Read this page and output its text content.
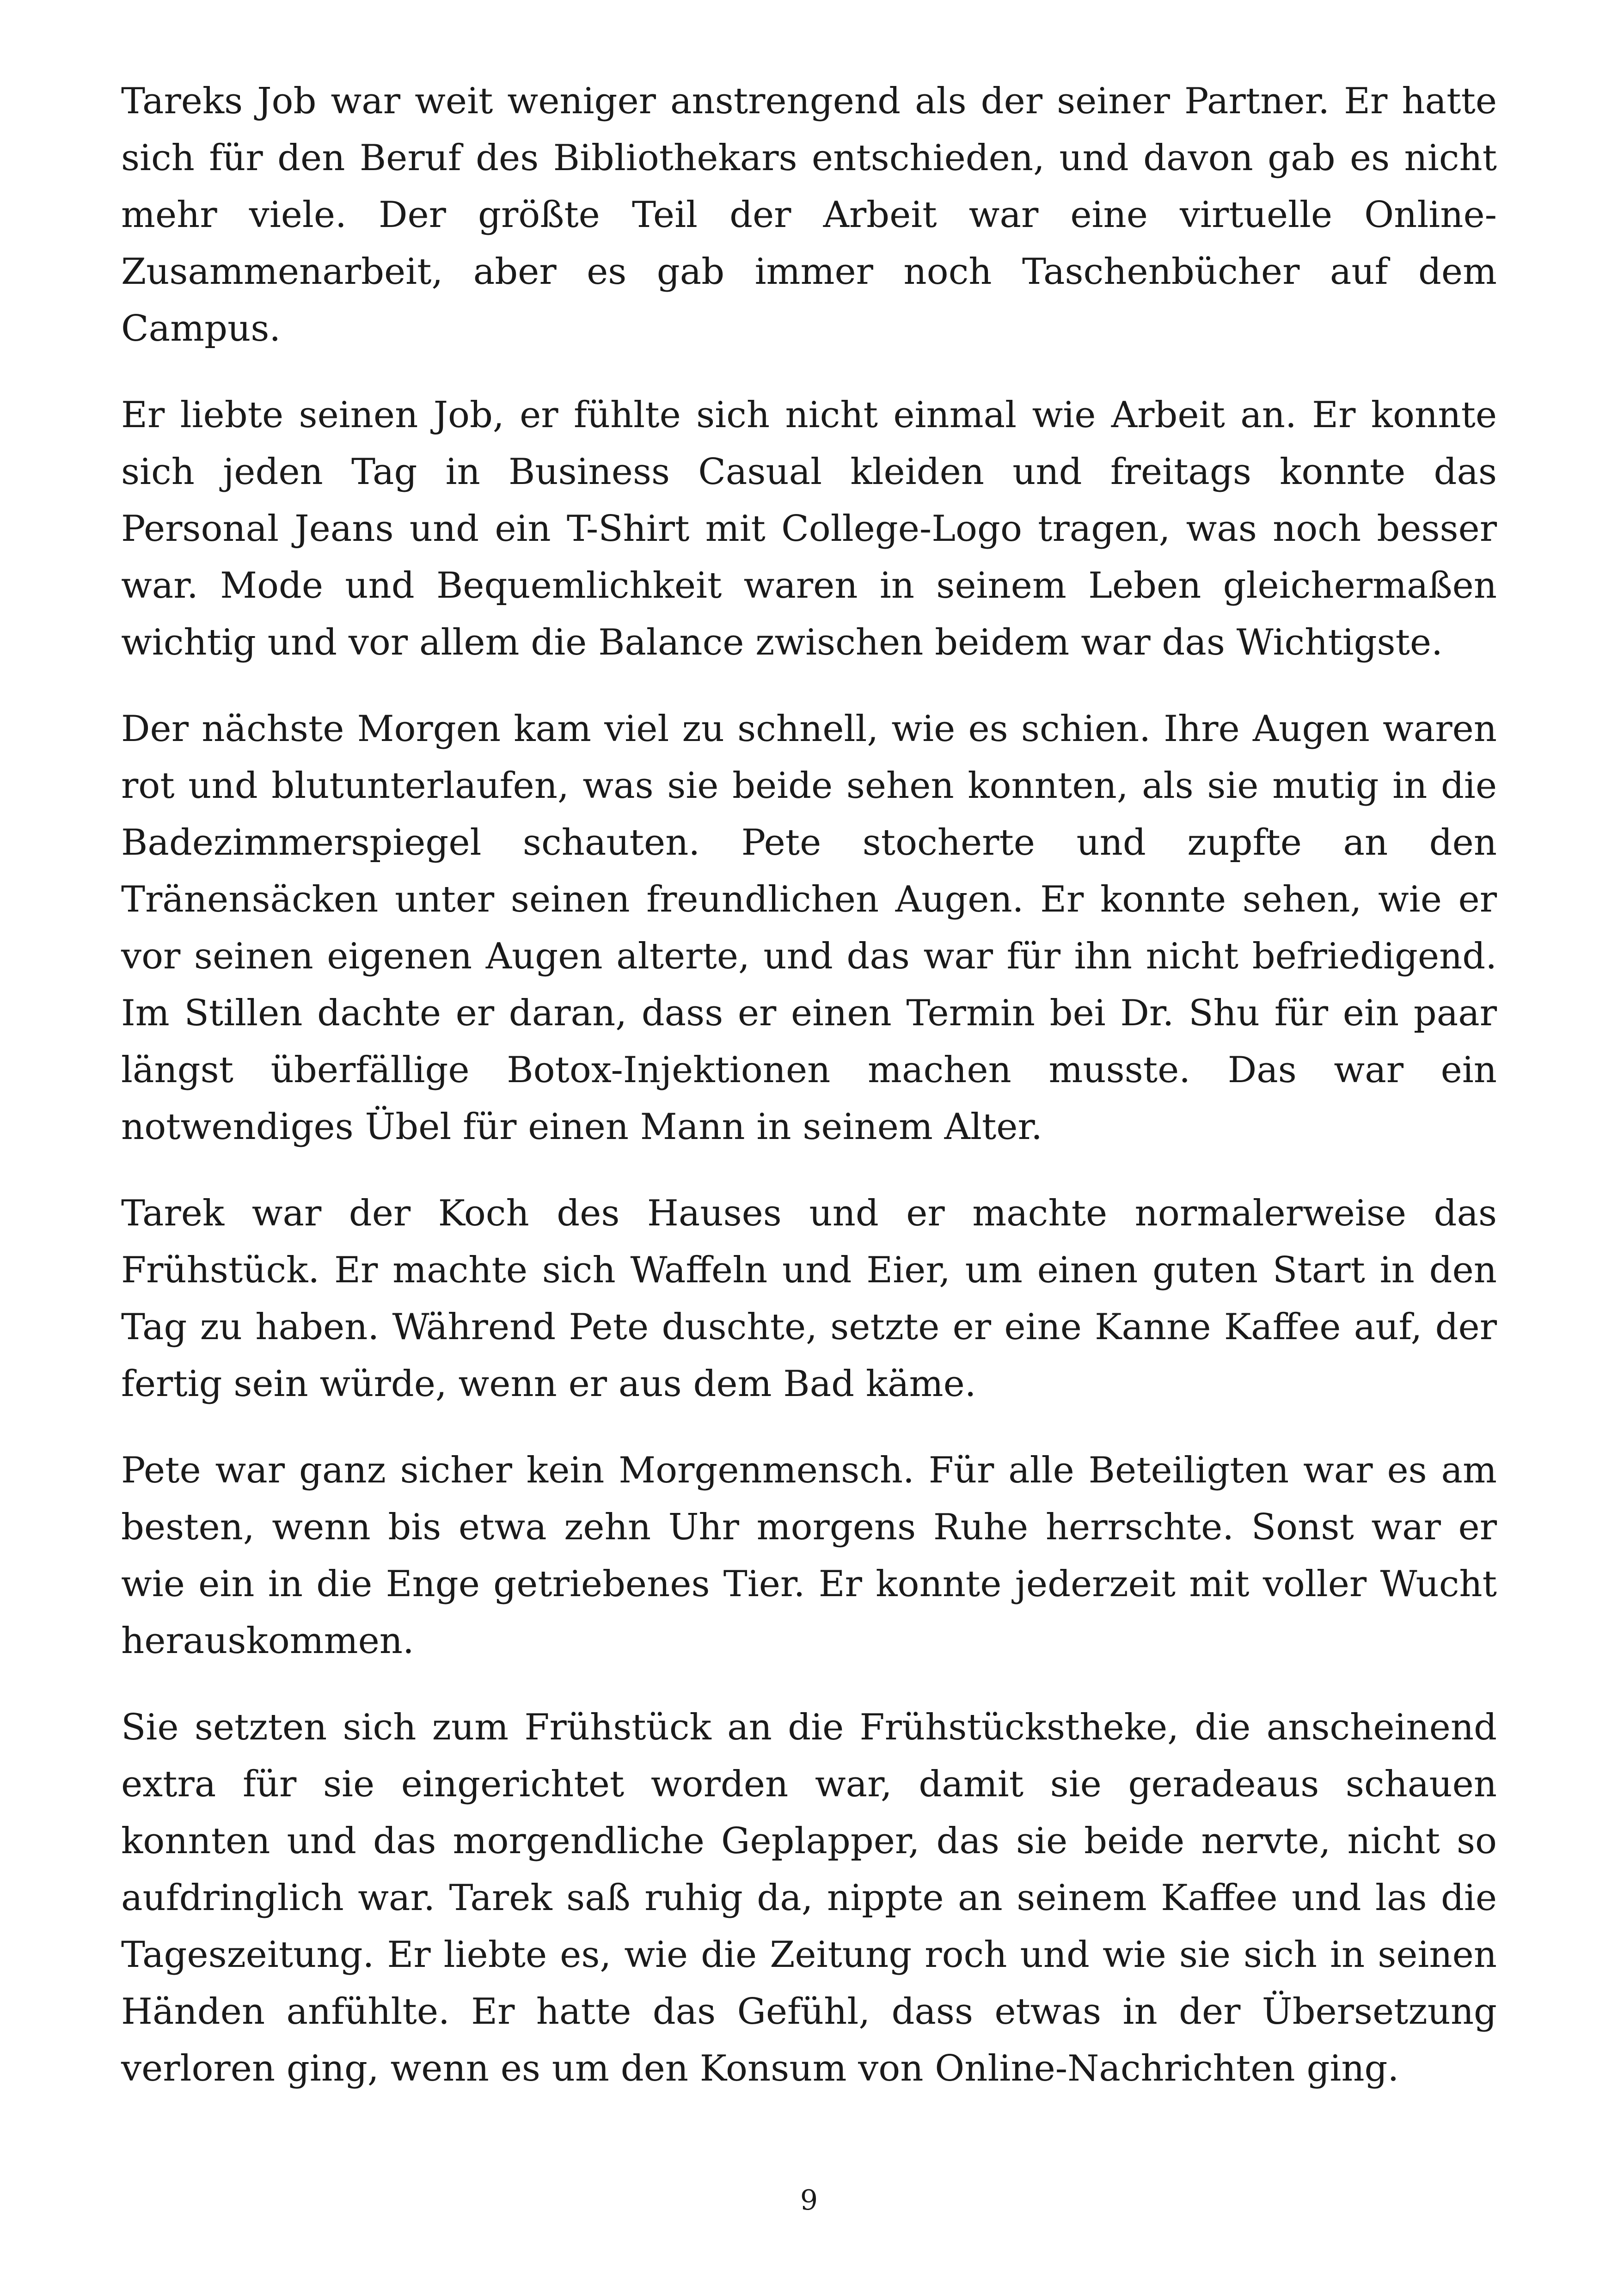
Tareks Job war weit weniger anstrengend als der seiner Partner. Er hatte sich für den Beruf des Bibliothekars entschieden, und davon gab es nicht mehr viele. Der größte Teil der Arbeit war eine virtuelle Online-Zusammenarbeit, aber es gab immer noch Taschenbücher auf dem Campus.

Er liebte seinen Job, er fühlte sich nicht einmal wie Arbeit an. Er konnte sich jeden Tag in Business Casual kleiden und freitags konnte das Personal Jeans und ein T-Shirt mit College-Logo tragen, was noch besser war. Mode und Bequemlichkeit waren in seinem Leben gleichermaßen wichtig und vor allem die Balance zwischen beidem war das Wichtigste.

Der nächste Morgen kam viel zu schnell, wie es schien. Ihre Augen waren rot und blutunterlaufen, was sie beide sehen konnten, als sie mutig in die Badezimmerspiegel schauten. Pete stocherte und zupfte an den Tränensäcken unter seinen freundlichen Augen. Er konnte sehen, wie er vor seinen eigenen Augen alterte, und das war für ihn nicht befriedigend. Im Stillen dachte er daran, dass er einen Termin bei Dr. Shu für ein paar längst überfällige Botox-Injektionen machen musste. Das war ein notwendiges Übel für einen Mann in seinem Alter.

Tarek war der Koch des Hauses und er machte normalerweise das Frühstück. Er machte sich Waffeln und Eier, um einen guten Start in den Tag zu haben. Während Pete duschte, setzte er eine Kanne Kaffee auf, der fertig sein würde, wenn er aus dem Bad käme.

Pete war ganz sicher kein Morgenmensch. Für alle Beteiligten war es am besten, wenn bis etwa zehn Uhr morgens Ruhe herrschte. Sonst war er wie ein in die Enge getriebenes Tier. Er konnte jederzeit mit voller Wucht herauskommen.

Sie setzten sich zum Frühstück an die Frühstückstheke, die anscheinend extra für sie eingerichtet worden war, damit sie geradeaus schauen konnten und das morgendliche Geplapper, das sie beide nervte, nicht so aufdringlich war. Tarek saß ruhig da, nippte an seinem Kaffee und las die Tageszeitung. Er liebte es, wie die Zeitung roch und wie sie sich in seinen Händen anfühlte. Er hatte das Gefühl, dass etwas in der Übersetzung verloren ging, wenn es um den Konsum von Online-Nachrichten ging.

9
